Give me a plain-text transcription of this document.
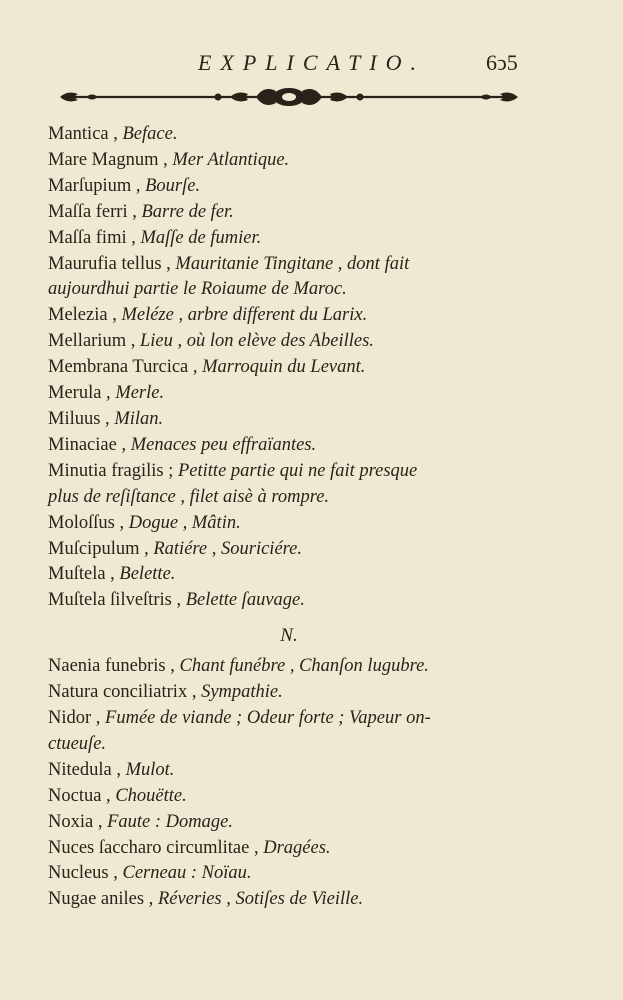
EXPLICATIO.	6ↄ5
Mantica , Beface.
Mare Magnum , Mer Atlantique.
Marſupium , Bourſe.
Maſſa ferri , Barre de fer.
Maſſa fimi , Maſſe de fumier.
Maurufia tellus , Mauritanie Tingitane , dont fait
aujourdhui partie le Roiaume de Maroc.
Melezia , Meléze , arbre different du Larix.
Mellarium , Lieu , où lon elève des Abeilles.
Membrana Turcica , Marroquin du Levant.
Merula , Merle.
Miluus , Milan.
Minaciae , Menaces peu effraïantes.
Minutia fragilis ; Petitte partie qui ne fait presque
plus de reſiſtance , filet aisè à rompre.
Moloſſus , Dogue , Mâtin.
Muſcipulum , Ratiére , Souriciére.
Muſtela , Belette.
Muſtela ſilveſtris , Belette ſauvage.
N.
Naenia funebris , Chant funébre , Chanſon lugubre.
Natura conciliatrix , Sympathie.
Nidor , Fumée de viande ; Odeur forte ; Vapeur on-
ctueuſe.
Nitedula , Mulot.
Noctua , Chouëtte.
Noxia , Faute : Domage.
Nuces ſaccharo circumlitae , Dragées.
Nucleus , Cerneau : Noïau.
Nugae aniles , Réveries , Sotiſes de Vieille.
